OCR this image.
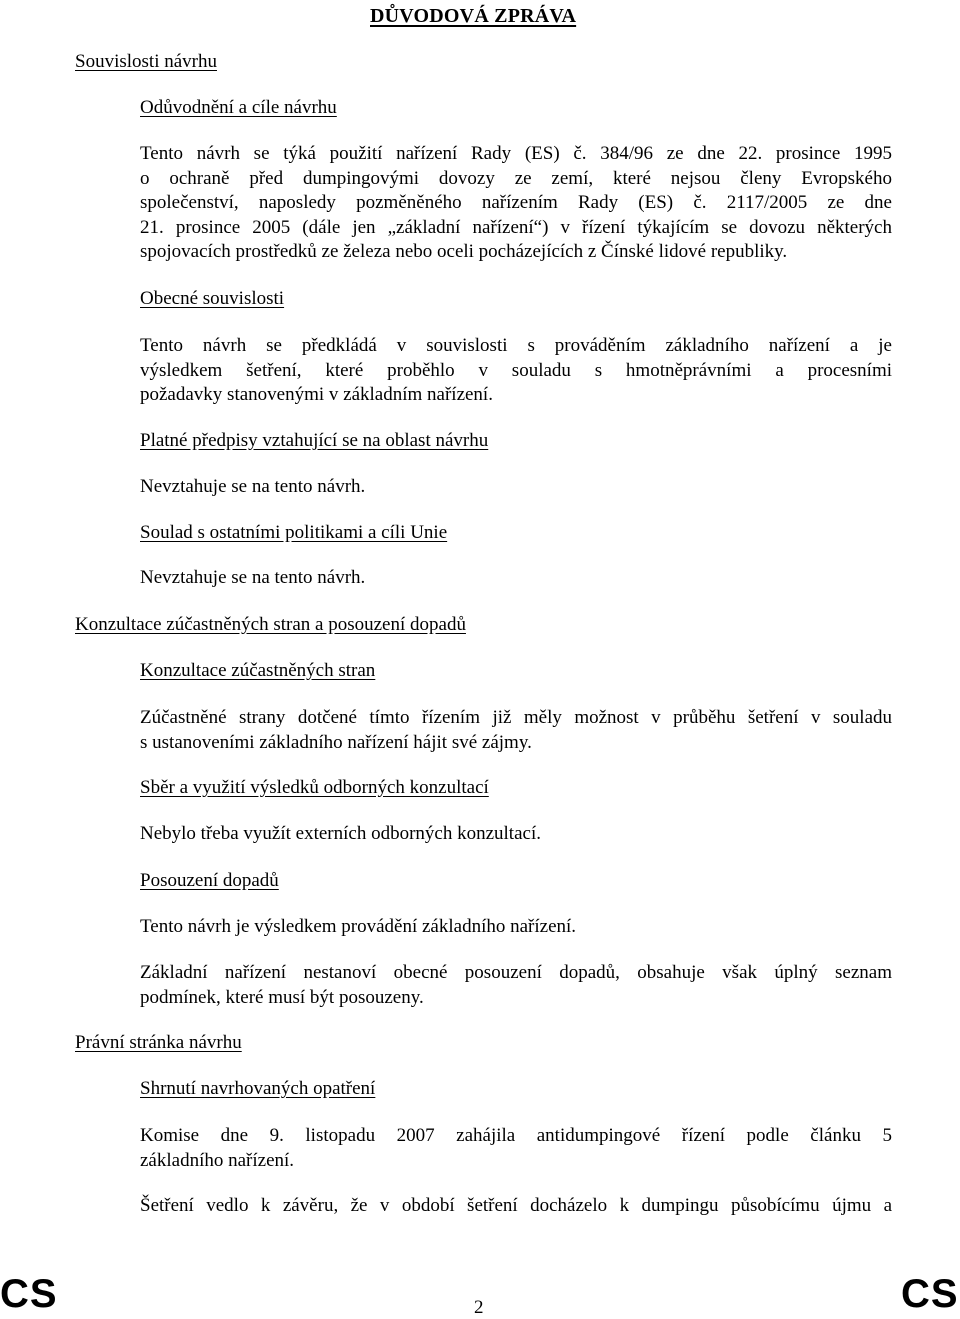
DŮVODOVÁ ZPRÁVA
Souvislosti návrhu
Odůvodnění a cíle návrhu
Tento návrh se týká použití nařízení Rady (ES) č. 384/96 ze dne 22. prosince 1995
o ochraně před dumpingovými dovozy ze zemí, které nejsou členy Evropského
společenství, naposledy pozměněného nařízením Rady (ES) č. 2117/2005 ze dne
21. prosince 2005 (dále jen „základní nařízení“) v řízení týkajícím se dovozu některých
spojovacích prostředků ze železa nebo oceli pocházejících z Čínské lidové republiky.
Obecné souvislosti
Tento návrh se předkládá v souvislosti s prováděním základního nařízení a je
výsledkem šetření, které proběhlo v souladu s hmotněprávními a procesními
požadavky stanovenými v základním nařízení.
Platné předpisy vztahující se na oblast návrhu
Nevztahuje se na tento návrh.
Soulad s ostatními politikami a cíli Unie
Nevztahuje se na tento návrh.
Konzultace zúčastněných stran a posouzení dopadů
Konzultace zúčastněných stran
Zúčastněné strany dotčené tímto řízením již měly možnost v průběhu šetření v souladu
s ustanoveními základního nařízení hájit své zájmy.
Sběr a využití výsledků odborných konzultací
Nebylo třeba využít externích odborných konzultací.
Posouzení dopadů
Tento návrh je výsledkem provádění základního nařízení.
Základní nařízení nestanoví obecné posouzení dopadů, obsahuje však úplný seznam
podmínek, které musí být posouzeny.
Právní stránka návrhu
Shrnutí navrhovaných opatření
Komise dne 9. listopadu 2007 zahájila antidumpingové řízení podle článku 5
základního nařízení.
Šetření vedlo k závěru, že v období šetření docházelo k dumpingu působícímu újmu a
CS	2	CS
